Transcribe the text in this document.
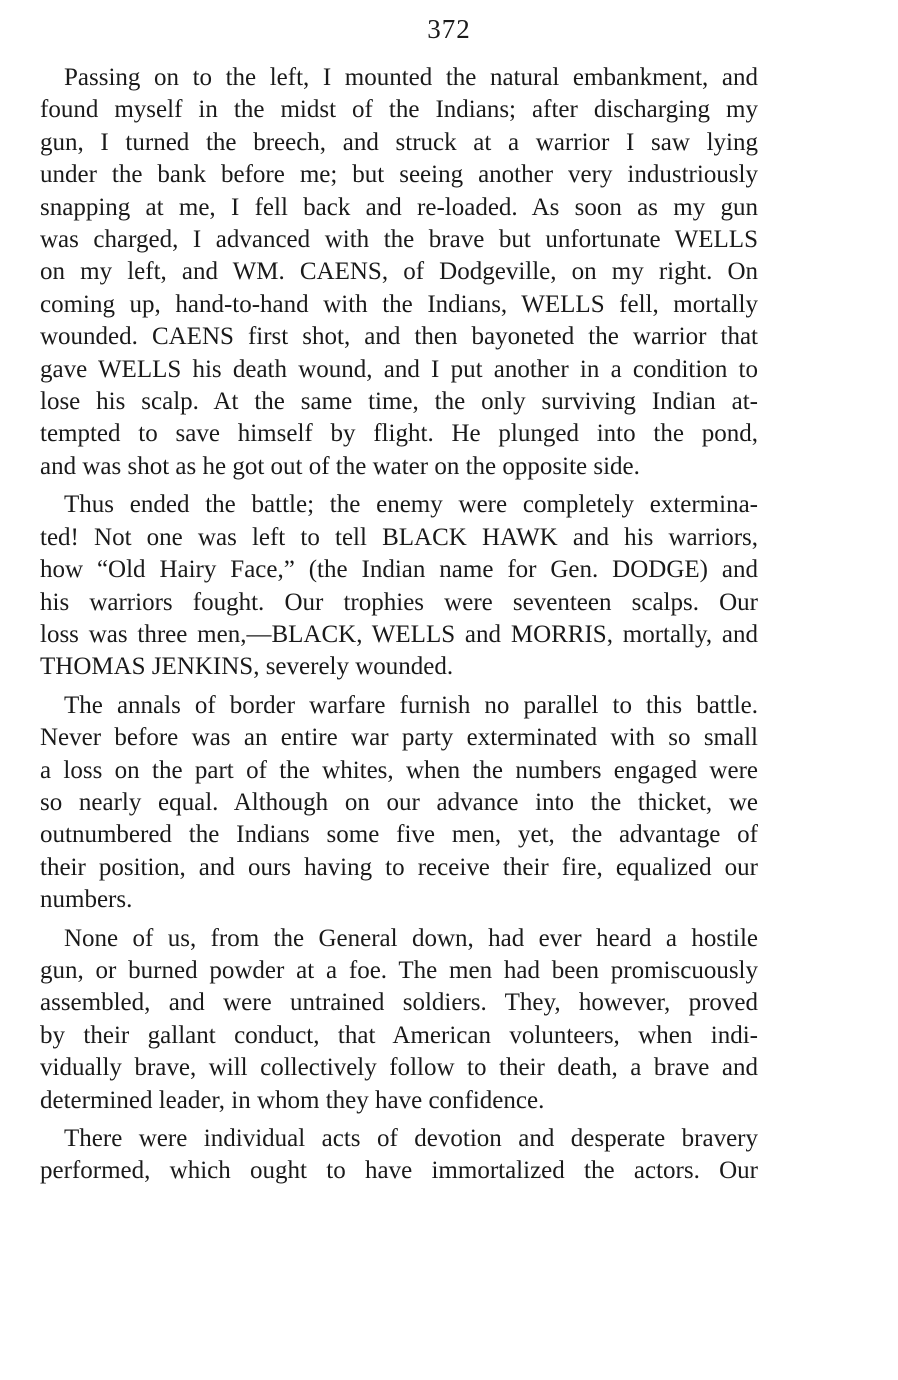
372
Passing on to the left, I mounted the natural embankment, and
found myself in the midst of the Indians; after discharging my
gun, I turned the breech, and struck at a warrior I saw lying
under the bank before me; but seeing another very industriously
snapping at me, I fell back and re-loaded. As soon as my gun
was charged, I advanced with the brave but unfortunate WELLS
on my left, and WM. CAENS, of Dodgeville, on my right. On
coming up, hand-to-hand with the Indians, WELLS fell, mortally
wounded. CAENS first shot, and then bayoneted the warrior that
gave WELLS his death wound, and I put another in a condition to
lose his scalp. At the same time, the only surviving Indian at-
tempted to save himself by flight. He plunged into the pond,
and was shot as he got out of the water on the opposite side.
Thus ended the battle; the enemy were completely extermina-
ted! Not one was left to tell BLACK HAWK and his warriors,
how “Old Hairy Face,” (the Indian name for Gen. DODGE) and
his warriors fought. Our trophies were seventeen scalps. Our
loss was three men,—BLACK, WELLS and MORRIS, mortally, and
THOMAS JENKINS, severely wounded.
The annals of border warfare furnish no parallel to this battle.
Never before was an entire war party exterminated with so small
a loss on the part of the whites, when the numbers engaged were
so nearly equal. Although on our advance into the thicket, we
outnumbered the Indians some five men, yet, the advantage of
their position, and ours having to receive their fire, equalized our
numbers.
None of us, from the General down, had ever heard a hostile
gun, or burned powder at a foe. The men had been promiscuously
assembled, and were untrained soldiers. They, however, proved
by their gallant conduct, that American volunteers, when indi-
vidually brave, will collectively follow to their death, a brave and
determined leader, in whom they have confidence.
There were individual acts of devotion and desperate bravery
performed, which ought to have immortalized the actors. Our
